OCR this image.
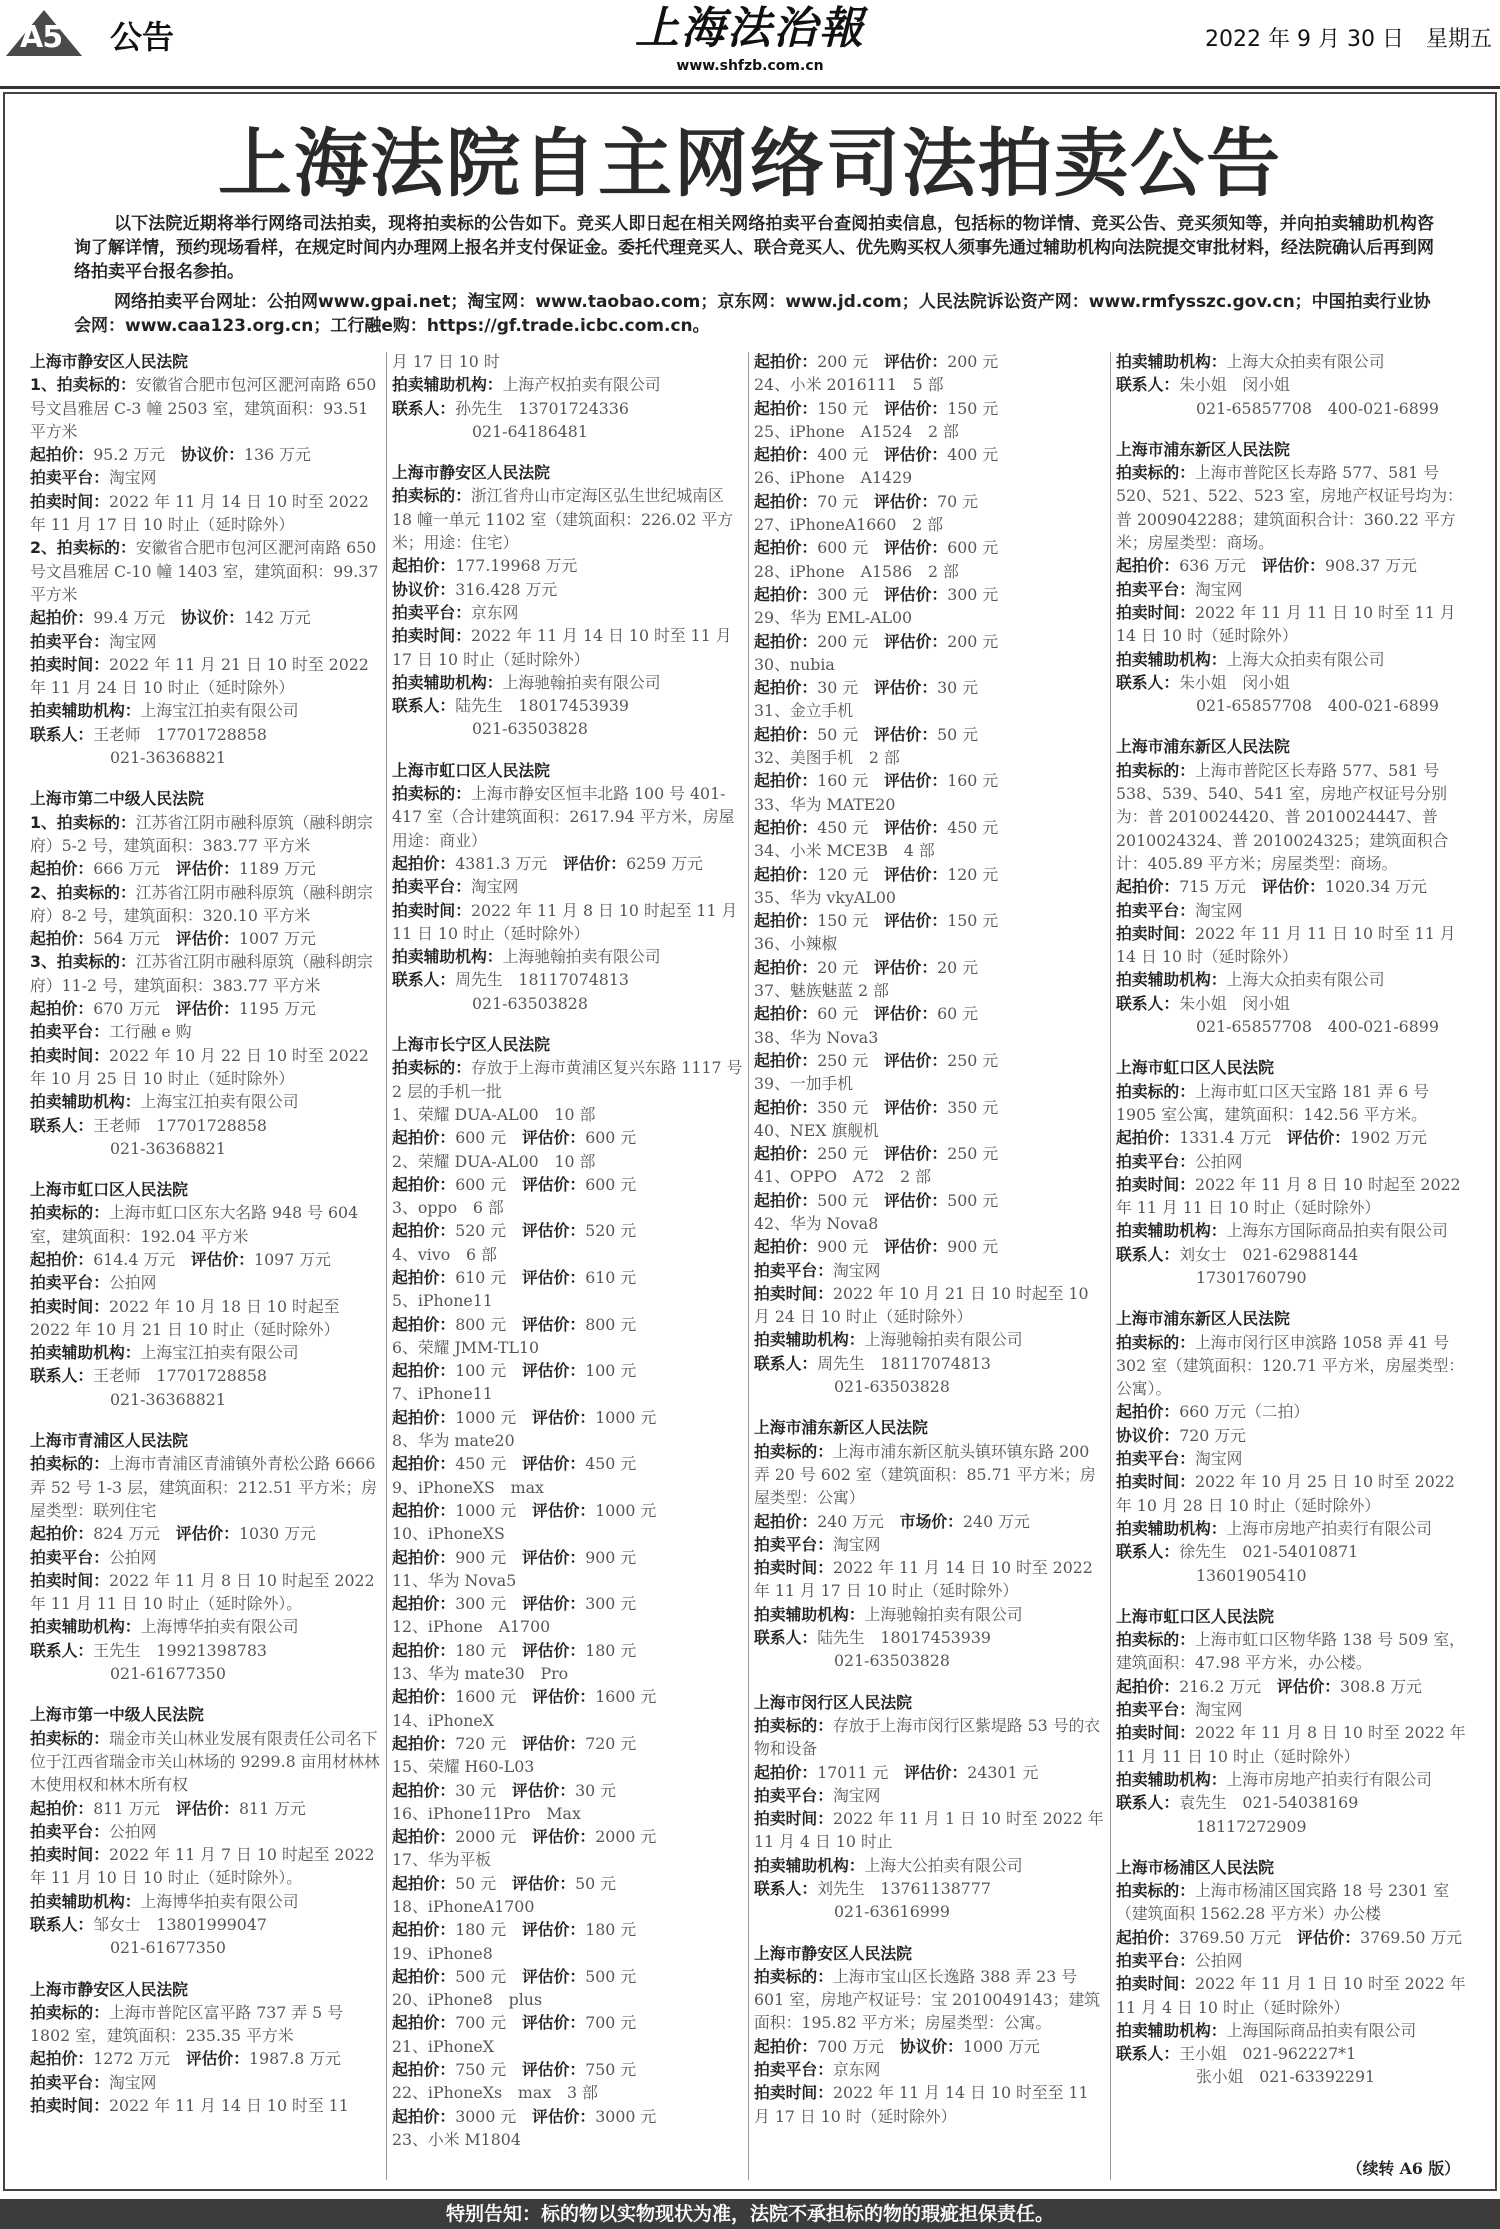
A5 公告	上海法治報
www.shfzb.com.cn
2022 年 9 月 30 日　星期五
上海法院自主网络司法拍卖公告

以下法院近期将举行网络司法拍卖，现将拍卖标的公告如下。竞买人即日起在相关网络拍卖平台查阅拍卖信息，包括标的物详情、竞买公告、竞买须知等，并向拍卖辅助机构咨询了解详情，预约现场看样，在规定时间内办理网上报名并支付保证金。委托代理竞买人、联合竞买人、优先购买权人须事先通过辅助机构向法院提交审批材料，经法院确认后再到网络拍卖平台报名参拍。

网络拍卖平台网址：公拍网www.gpai.net；淘宝网：www.taobao.com；京东网：www.jd.com；人民法院诉讼资产网：www.rmfysszc.gov.cn；中国拍卖行业协会网：www.caa123.org.cn；工行融e购：https://gf.trade.icbc.com.cn。
上海市静安区人民法院
1、拍卖标的：安徽省合肥市包河区淝河南路 650 号文昌雅居 C-3 幢 2503 室，建筑面积：93.51 平方米
起拍价：95.2 万元　协议价：136 万元
拍卖平台：淘宝网
拍卖时间：2022 年 11 月 14 日 10 时至 2022 年 11 月 17 日 10 时止（延时除外）
2、拍卖标的：安徽省合肥市包河区淝河南路 650 号文昌雅居 C-10 幢 1403 室，建筑面积：99.37 平方米
起拍价：99.4 万元　协议价：142 万元
拍卖平台：淘宝网
拍卖时间：2022 年 11 月 21 日 10 时至 2022 年 11 月 24 日 10 时止（延时除外）
拍卖辅助机构：上海宝江拍卖有限公司
联系人：王老师　17701728858
021-36368821
上海市第二中级人民法院
1、拍卖标的：江苏省江阴市融科原筑（融科朗宗府）5-2 号，建筑面积：383.77 平方米
起拍价：666 万元　评估价：1189 万元
2、拍卖标的：江苏省江阴市融科原筑（融科朗宗府）8-2 号，建筑面积：320.10 平方米
起拍价：564 万元　评估价：1007 万元
3、拍卖标的：江苏省江阴市融科原筑（融科朗宗府）11-2 号，建筑面积：383.77 平方米
起拍价：670 万元　评估价：1195 万元
拍卖平台：工行融 e 购
拍卖时间：2022 年 10 月 22 日 10 时至 2022 年 10 月 25 日 10 时止（延时除外）
拍卖辅助机构：上海宝江拍卖有限公司
联系人：王老师　17701728858
021-36368821
上海市虹口区人民法院
拍卖标的：上海市虹口区东大名路 948 号 604 室，建筑面积：192.04 平方米
起拍价：614.4 万元　评估价：1097 万元
拍卖平台：公拍网
拍卖时间：2022 年 10 月 18 日 10 时起至 2022 年 10 月 21 日 10 时止（延时除外）
拍卖辅助机构：上海宝江拍卖有限公司
联系人：王老师　17701728858
021-36368821
上海市青浦区人民法院
拍卖标的：上海市青浦区青浦镇外青松公路 6666 弄 52 号 1-3 层，建筑面积：212.51 平方米；房屋类型：联列住宅
起拍价：824 万元　评估价：1030 万元
拍卖平台：公拍网
拍卖时间：2022 年 11 月 8 日 10 时起至 2022 年 11 月 11 日 10 时止（延时除外）。
拍卖辅助机构：上海博华拍卖有限公司
联系人：王先生　19921398783
021-61677350
上海市第一中级人民法院
拍卖标的：瑞金市关山林业发展有限责任公司名下位于江西省瑞金市关山林场的 9299.8 亩用材林林木使用权和林木所有权
起拍价：811 万元　评估价：811 万元
拍卖平台：公拍网
拍卖时间：2022 年 11 月 7 日 10 时起至 2022 年 11 月 10 日 10 时止（延时除外）。
拍卖辅助机构：上海博华拍卖有限公司
联系人：邹女士　13801999047
021-61677350
上海市静安区人民法院
拍卖标的：上海市普陀区富平路 737 弄 5 号 1802 室，建筑面积：235.35 平方米
起拍价：1272 万元　评估价：1987.8 万元
拍卖平台：淘宝网
拍卖时间：2022 年 11 月 14 日 10 时至 11
月 17 日 10 时
拍卖辅助机构：上海产权拍卖有限公司
联系人：孙先生　13701724336
021-64186481
上海市静安区人民法院
拍卖标的：浙江省舟山市定海区弘生世纪城南区 18 幢一单元 1102 室（建筑面积：226.02 平方米；用途：住宅）
起拍价：177.19968 万元
协议价：316.428 万元
拍卖平台：京东网
拍卖时间：2022 年 11 月 14 日 10 时至 11 月 17 日 10 时止（延时除外）
拍卖辅助机构：上海驰翰拍卖有限公司
联系人：陆先生　18017453939
021-63503828
上海市虹口区人民法院
拍卖标的：上海市静安区恒丰北路 100 号 401-417 室（合计建筑面积：2617.94 平方米，房屋用途：商业）
起拍价：4381.3 万元　评估价：6259 万元
拍卖平台：淘宝网
拍卖时间：2022 年 11 月 8 日 10 时起至 11 月 11 日 10 时止（延时除外）
拍卖辅助机构：上海驰翰拍卖有限公司
联系人：周先生　18117074813
021-63503828
上海市长宁区人民法院
拍卖标的：存放于上海市黄浦区复兴东路 1117 号 2 层的手机一批
1、荣耀 DUA-AL00　10 部
起拍价：600 元　评估价：600 元
2、荣耀 DUA-AL00　10 部
起拍价：600 元　评估价：600 元
3、oppo　6 部
起拍价：520 元　评估价：520 元
4、vivo　6 部
起拍价：610 元　评估价：610 元
5、iPhone11
起拍价：800 元　评估价：800 元
6、荣耀 JMM-TL10
起拍价：100 元　评估价：100 元
7、iPhone11
起拍价：1000 元　评估价：1000 元
8、华为 mate20
起拍价：450 元　评估价：450 元
9、iPhoneXS　max
起拍价：1000 元　评估价：1000 元
10、iPhoneXS
起拍价：900 元　评估价：900 元
11、华为 Nova5
起拍价：300 元　评估价：300 元
12、iPhone　A1700
起拍价：180 元　评估价：180 元
13、华为 mate30　Pro
起拍价：1600 元　评估价：1600 元
14、iPhoneX
起拍价：720 元　评估价：720 元
15、荣耀 H60-L03
起拍价：30 元　评估价：30 元
16、iPhone11Pro　Max
起拍价：2000 元　评估价：2000 元
17、华为平板
起拍价：50 元　评估价：50 元
18、iPhoneA1700
起拍价：180 元　评估价：180 元
19、iPhone8
起拍价：500 元　评估价：500 元
20、iPhone8　plus
起拍价：700 元　评估价：700 元
21、iPhoneX
起拍价：750 元　评估价：750 元
22、iPhoneXs　max　3 部
起拍价：3000 元　评估价：3000 元
23、小米 M1804
起拍价：200 元　评估价：200 元
24、小米 2016111　5 部
起拍价：150 元　评估价：150 元
25、iPhone　A1524　2 部
起拍价：400 元　评估价：400 元
26、iPhone　A1429
起拍价：70 元　评估价：70 元
27、iPhoneA1660　2 部
起拍价：600 元　评估价：600 元
28、iPhone　A1586　2 部
起拍价：300 元　评估价：300 元
29、华为 EML-AL00
起拍价：200 元　评估价：200 元
30、nubia
起拍价：30 元　评估价：30 元
31、金立手机
起拍价：50 元　评估价：50 元
32、美图手机　2 部
起拍价：160 元　评估价：160 元
33、华为 MATE20
起拍价：450 元　评估价：450 元
34、小米 MCE3B　4 部
起拍价：120 元　评估价：120 元
35、华为 vkyAL00
起拍价：150 元　评估价：150 元
36、小辣椒
起拍价：20 元　评估价：20 元
37、魅族魅蓝 2 部
起拍价：60 元　评估价：60 元
38、华为 Nova3
起拍价：250 元　评估价：250 元
39、一加手机
起拍价：350 元　评估价：350 元
40、NEX 旗舰机
起拍价：250 元　评估价：250 元
41、OPPO　A72　2 部
起拍价：500 元　评估价：500 元
42、华为 Nova8
起拍价：900 元　评估价：900 元
拍卖平台：淘宝网
拍卖时间：2022 年 10 月 21 日 10 时起至 10 月 24 日 10 时止（延时除外）
拍卖辅助机构：上海驰翰拍卖有限公司
联系人：周先生　18117074813
021-63503828
上海市浦东新区人民法院
拍卖标的：上海市浦东新区航头镇环镇东路 200 弄 20 号 602 室（建筑面积：85.71 平方米；房屋类型：公寓）
起拍价：240 万元　市场价：240 万元
拍卖平台：淘宝网
拍卖时间：2022 年 11 月 14 日 10 时至 2022 年 11 月 17 日 10 时止（延时除外）
拍卖辅助机构：上海驰翰拍卖有限公司
联系人：陆先生　18017453939
021-63503828
上海市闵行区人民法院
拍卖标的：存放于上海市闵行区紫堤路 53 号的衣物和设备
起拍价：17011 元　评估价：24301 元
拍卖平台：淘宝网
拍卖时间：2022 年 11 月 1 日 10 时至 2022 年 11 月 4 日 10 时止
拍卖辅助机构：上海大公拍卖有限公司
联系人：刘先生　13761138777
021-63616999
上海市静安区人民法院
拍卖标的：上海市宝山区长逸路 388 弄 23 号 601 室，房地产权证号：宝 2010049143；建筑面积：195.82 平方米；房屋类型：公寓。
起拍价：700 万元　协议价：1000 万元
拍卖平台：京东网
拍卖时间：2022 年 11 月 14 日 10 时至至 11 月 17 日 10 时（延时除外）
拍卖辅助机构：上海大众拍卖有限公司
联系人：朱小姐　闵小姐
021-65857708　400-021-6899
上海市浦东新区人民法院
拍卖标的：上海市普陀区长寿路 577、581 号 520、521、522、523 室，房地产权证号均为：普 2009042288；建筑面积合计：360.22 平方米；房屋类型：商场。
起拍价：636 万元　评估价：908.37 万元
拍卖平台：淘宝网
拍卖时间：2022 年 11 月 11 日 10 时至 11 月 14 日 10 时（延时除外）
拍卖辅助机构：上海大众拍卖有限公司
联系人：朱小姐　闵小姐
021-65857708　400-021-6899
上海市浦东新区人民法院
拍卖标的：上海市普陀区长寿路 577、581 号 538、539、540、541 室，房地产权证号分别为：普 2010024420、普 2010024447、普 2010024324、普 2010024325；建筑面积合计：405.89 平方米；房屋类型：商场。
起拍价：715 万元　评估价：1020.34 万元
拍卖平台：淘宝网
拍卖时间：2022 年 11 月 11 日 10 时至 11 月 14 日 10 时（延时除外）
拍卖辅助机构：上海大众拍卖有限公司
联系人：朱小姐　闵小姐
021-65857708　400-021-6899
上海市虹口区人民法院
拍卖标的：上海市虹口区天宝路 181 弄 6 号 1905 室公寓，建筑面积：142.56 平方米。
起拍价：1331.4 万元　评估价：1902 万元
拍卖平台：公拍网
拍卖时间：2022 年 11 月 8 日 10 时起至 2022 年 11 月 11 日 10 时止（延时除外）
拍卖辅助机构：上海东方国际商品拍卖有限公司
联系人：刘女士　021-62988144
17301760790
上海市浦东新区人民法院
拍卖标的：上海市闵行区申滨路 1058 弄 41 号 302 室（建筑面积：120.71 平方米，房屋类型：公寓）。
起拍价：660 万元（二拍）
协议价：720 万元
拍卖平台：淘宝网
拍卖时间：2022 年 10 月 25 日 10 时至 2022 年 10 月 28 日 10 时止（延时除外）
拍卖辅助机构：上海市房地产拍卖行有限公司
联系人：徐先生　021-54010871
13601905410
上海市虹口区人民法院
拍卖标的：上海市虹口区物华路 138 号 509 室，建筑面积：47.98 平方米，办公楼。
起拍价：216.2 万元　评估价：308.8 万元
拍卖平台：淘宝网
拍卖时间：2022 年 11 月 8 日 10 时至 2022 年 11 月 11 日 10 时止（延时除外）
拍卖辅助机构：上海市房地产拍卖行有限公司
联系人：袁先生　021-54038169
18117272909
上海市杨浦区人民法院
拍卖标的：上海市杨浦区国宾路 18 号 2301 室（建筑面积 1562.28 平方米）办公楼
起拍价：3769.50 万元　评估价：3769.50 万元
拍卖平台：公拍网
拍卖时间：2022 年 11 月 1 日 10 时至 2022 年 11 月 4 日 10 时止（延时除外）
拍卖辅助机构：上海国际商品拍卖有限公司
联系人：王小姐　021-962227*1
张小姐　021-63392291
（续转 A6 版）
特别告知：标的物以实物现状为准，法院不承担标的物的瑕疵担保责任。
